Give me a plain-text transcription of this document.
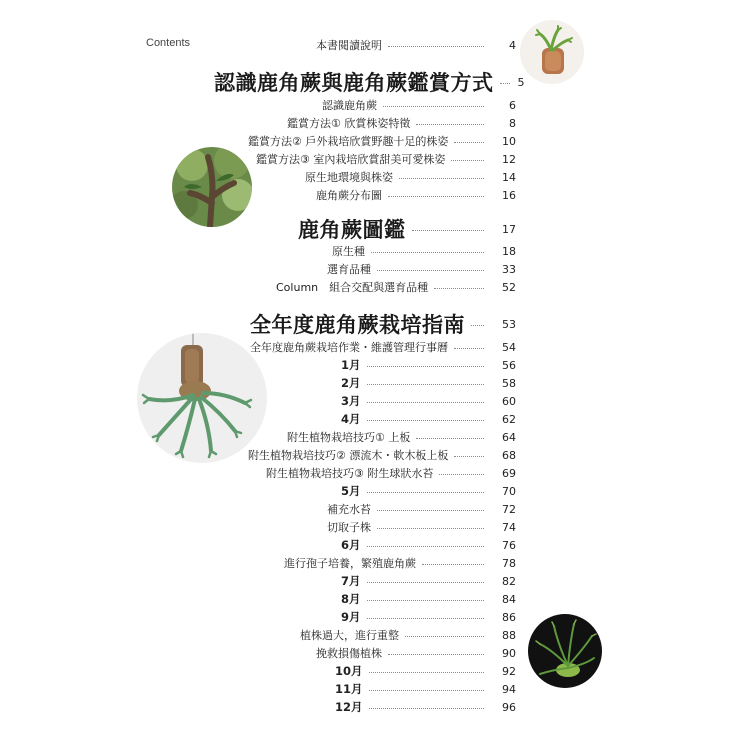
Contents	本書閱讀說明	4
認識鹿角蕨與鹿角蕨鑑賞方式 5
認識鹿角蕨	6
鑑賞方法① 欣賞株姿特徵	8
鑑賞方法② 戶外栽培欣賞野趣十足的株姿	10
鑑賞方法③ 室內栽培欣賞甜美可愛株姿	12
原生地環境與株姿	14
鹿角蕨分布圖	16
鹿角蕨圖鑑	17
原生種	18
選育品種	33
Column　組合交配與選育品種	52
全年度鹿角蕨栽培指南	53
全年度鹿角蕨栽培作業・維護管理行事曆	54
1月	56
2月	58
3月	60
4月	62
附生植物栽培技巧① 上板	64
附生植物栽培技巧② 漂流木・軟木板上板	68
附生植物栽培技巧③ 附生球狀水苔	69
5月	70
補充水苔	72
切取子株	74
6月	76
進行孢子培養，繁殖鹿角蕨	78
7月	82
8月	84
9月	86
植株過大，進行重整	88
挽救損傷植株	90
10月	92
11月	94
12月	96
